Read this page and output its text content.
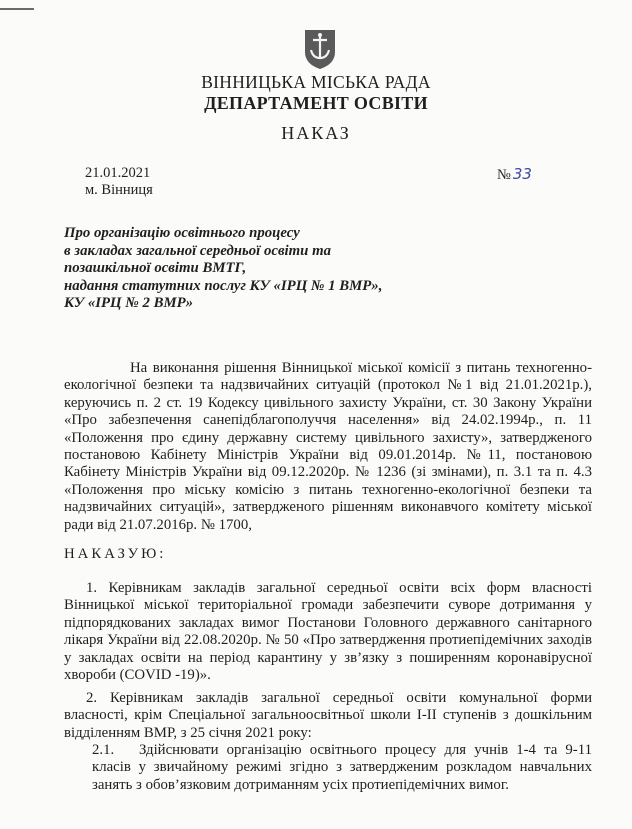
ВІННИЦЬКА МІСЬКА РАДА
ДЕПАРТАМЕНТ ОСВІТИ
НАКАЗ
21.01.2021
м. Вінниця
№ 33
Про організацію освітнього процесу
в закладах загальної середньої освіти та
позашкільної освіти ВМТГ,
надання статутних послуг КУ «ІРЦ № 1 ВМР»,
КУ «ІРЦ № 2 ВМР»
На виконання рішення Вінницької міської комісії з питань техногенно-екологічної безпеки та надзвичайних ситуацій (протокол №1 від 21.01.2021р.), керуючись п. 2 ст. 19 Кодексу цивільного захисту України, ст. 30 Закону України «Про забезпечення санепідблагополуччя населення» від 24.02.1994р., п. 11 «Положення про єдину державну систему цивільного захисту», затвердженого постановою Кабінету Міністрів України від 09.01.2014р. №11, постановою Кабінету Міністрів України від 09.12.2020р. № 1236 (зі змінами), п. 3.1 та п. 4.3 «Положення про міську комісію з питань техногенно-екологічної безпеки та надзвичайних ситуацій», затвердженого рішенням виконавчого комітету міської ради від 21.07.2016р. № 1700,
НАКАЗУЮ:
1. Керівникам закладів загальної середньої освіти всіх форм власності Вінницької міської територіальної громади забезпечити суворе дотримання у підпорядкованих закладах вимог Постанови Головного державного санітарного лікаря України від 22.08.2020р. № 50 «Про затвердження протиепідемічних заходів у закладах освіти на період карантину у зв’язку з поширенням коронавірусної хвороби (COVID -19)».
2. Керівникам закладів загальної середньої освіти комунальної форми власності, крім Спеціальної загальноосвітньої школи І-ІІ ступенів з дошкільним відділенням ВМР, з 25 січня 2021 року:
2.1. Здійснювати організацію освітнього процесу для учнів 1-4 та 9-11 класів у звичайному режимі згідно з затвердженим розкладом навчальних занять з обов’язковим дотриманням усіх протиепідемічних вимог.
